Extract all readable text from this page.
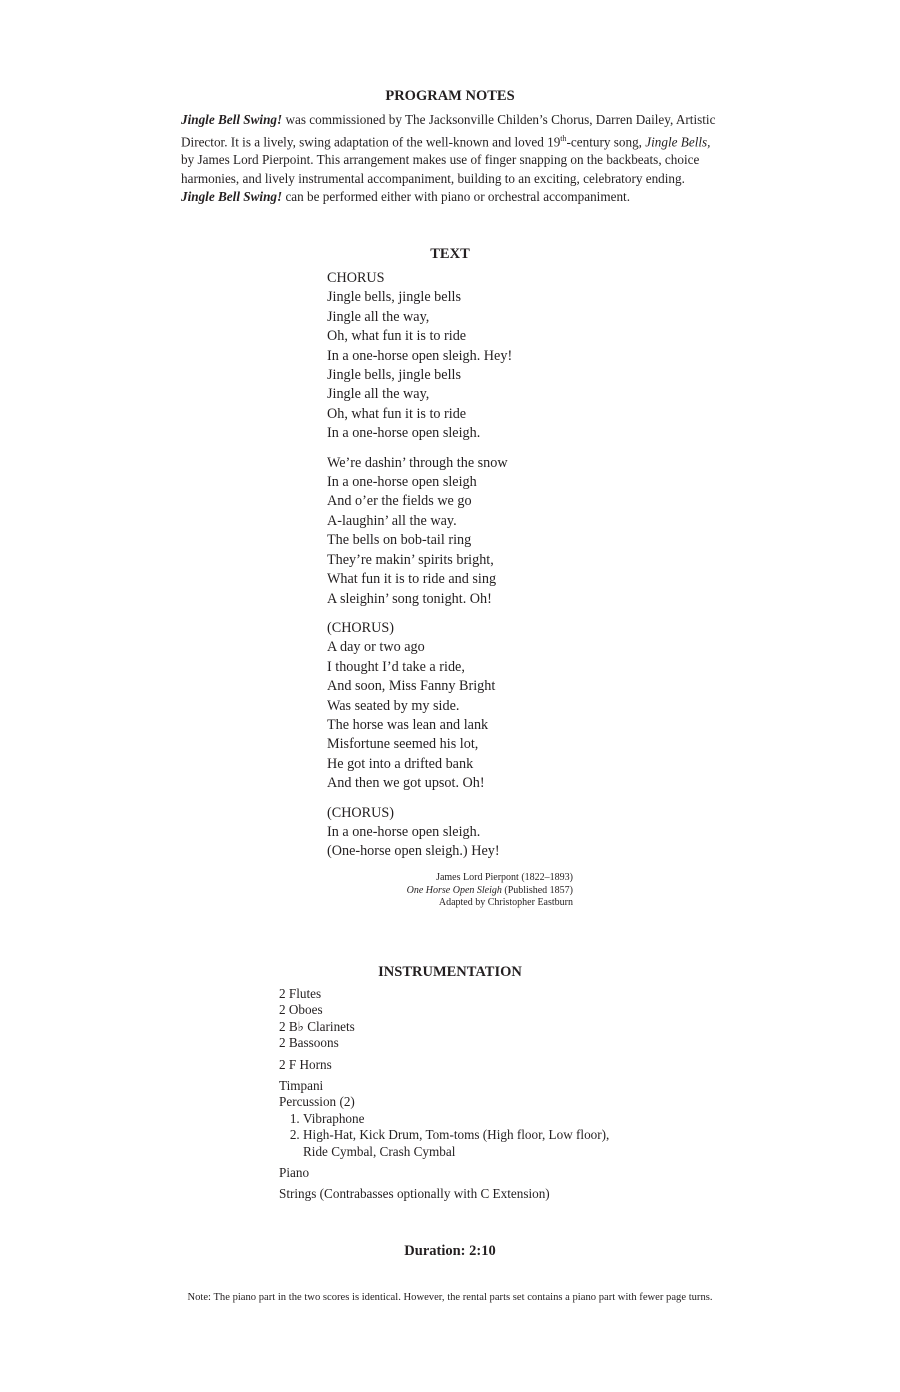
PROGRAM NOTES
Jingle Bell Swing! was commissioned by The Jacksonville Childen’s Chorus, Darren Dailey, Artistic Director. It is a lively, swing adaptation of the well-known and loved 19th-century song, Jingle Bells, by James Lord Pierpoint. This arrangement makes use of finger snapping on the backbeats, choice harmonies, and lively instrumental accompaniment, building to an exciting, celebratory ending.
Jingle Bell Swing! can be performed either with piano or orchestral accompaniment.
TEXT
CHORUS
Jingle bells, jingle bells
Jingle all the way,
Oh, what fun it is to ride
In a one-horse open sleigh. Hey!
Jingle bells, jingle bells
Jingle all the way,
Oh, what fun it is to ride
In a one-horse open sleigh.
We’re dashin’ through the snow
In a one-horse open sleigh
And o’er the fields we go
A-laughin’ all the way.
The bells on bob-tail ring
They’re makin’ spirits bright,
What fun it is to ride and sing
A sleighin’ song tonight. Oh!
(CHORUS)
A day or two ago
I thought I’d take a ride,
And soon, Miss Fanny Bright
Was seated by my side.
The horse was lean and lank
Misfortune seemed his lot,
He got into a drifted bank
And then we got upsot. Oh!
(CHORUS)
In a one-horse open sleigh.
(One-horse open sleigh.) Hey!
James Lord Pierpont (1822–1893)
One Horse Open Sleigh (Published 1857)
Adapted by Christopher Eastburn
INSTRUMENTATION
2 Flutes
2 Oboes
2 B♭ Clarinets
2 Bassoons
2 F Horns
Timpani
Percussion (2)
1. Vibraphone
2. High-Hat, Kick Drum, Tom-toms (High floor, Low floor),
Ride Cymbal, Crash Cymbal
Piano
Strings (Contrabasses optionally with C Extension)
Duration: 2:10
Note: The piano part in the two scores is identical. However, the rental parts set contains a piano part with fewer page turns.
